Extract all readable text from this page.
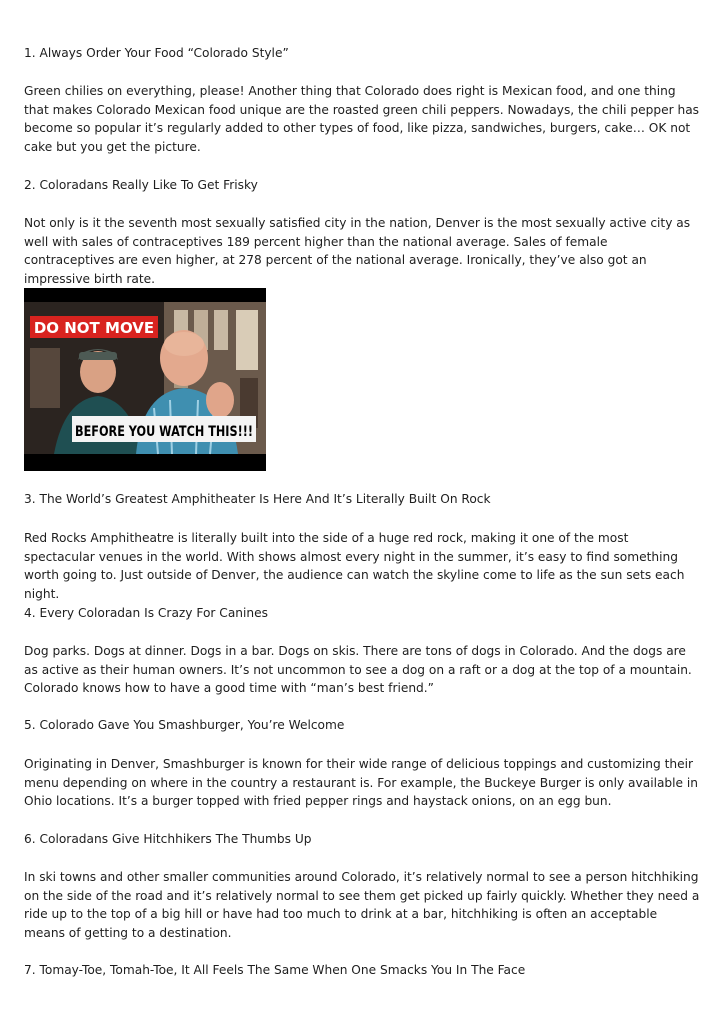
1. Always Order Your Food “Colorado Style”

Green chilies on everything, please! Another thing that Colorado does right is Mexican food, and one thing that makes Colorado Mexican food unique are the roasted green chili peppers. Nowadays, the chili pepper has become so popular it’s regularly added to other types of food, like pizza, sandwiches, burgers, cake… OK not cake but you get the picture.

2. Coloradans Really Like To Get Frisky

Not only is it the seventh most sexually satisfied city in the nation, Denver is the most sexually active city as well with sales of contraceptives 189 percent higher than the national average. Sales of female contraceptives are even higher, at 278 percent of the national average. Ironically, they’ve also got an impressive birth rate.

DO NOT MOVE
BEFORE YOU WATCH THIS!!!

3. The World’s Greatest Amphitheater Is Here And It’s Literally Built On Rock

Red Rocks Amphitheatre is literally built into the side of a huge red rock, making it one of the most spectacular venues in the world. With shows almost every night in the summer, it’s easy to find something worth going to. Just outside of Denver, the audience can watch the skyline come to life as the sun sets each night.

4. Every Coloradan Is Crazy For Canines

Dog parks. Dogs at dinner. Dogs in a bar. Dogs on skis. There are tons of dogs in Colorado. And the dogs are as active as their human owners. It’s not uncommon to see a dog on a raft or a dog at the top of a mountain. Colorado knows how to have a good time with “man’s best friend.”

5. Colorado Gave You Smashburger, You’re Welcome

Originating in Denver, Smashburger is known for their wide range of delicious toppings and customizing their menu depending on where in the country a restaurant is. For example, the Buckeye Burger is only available in Ohio locations. It’s a burger topped with fried pepper rings and haystack onions, on an egg bun.

6. Coloradans Give Hitchhikers The Thumbs Up

In ski towns and other smaller communities around Colorado, it’s relatively normal to see a person hitchhiking on the side of the road and it’s relatively normal to see them get picked up fairly quickly. Whether they need a ride up to the top of a big hill or have had too much to drink at a bar, hitchhiking is often an acceptable means of getting to a destination.

7. Tomay-Toe, Tomah-Toe, It All Feels The Same When One Smacks You In The Face
